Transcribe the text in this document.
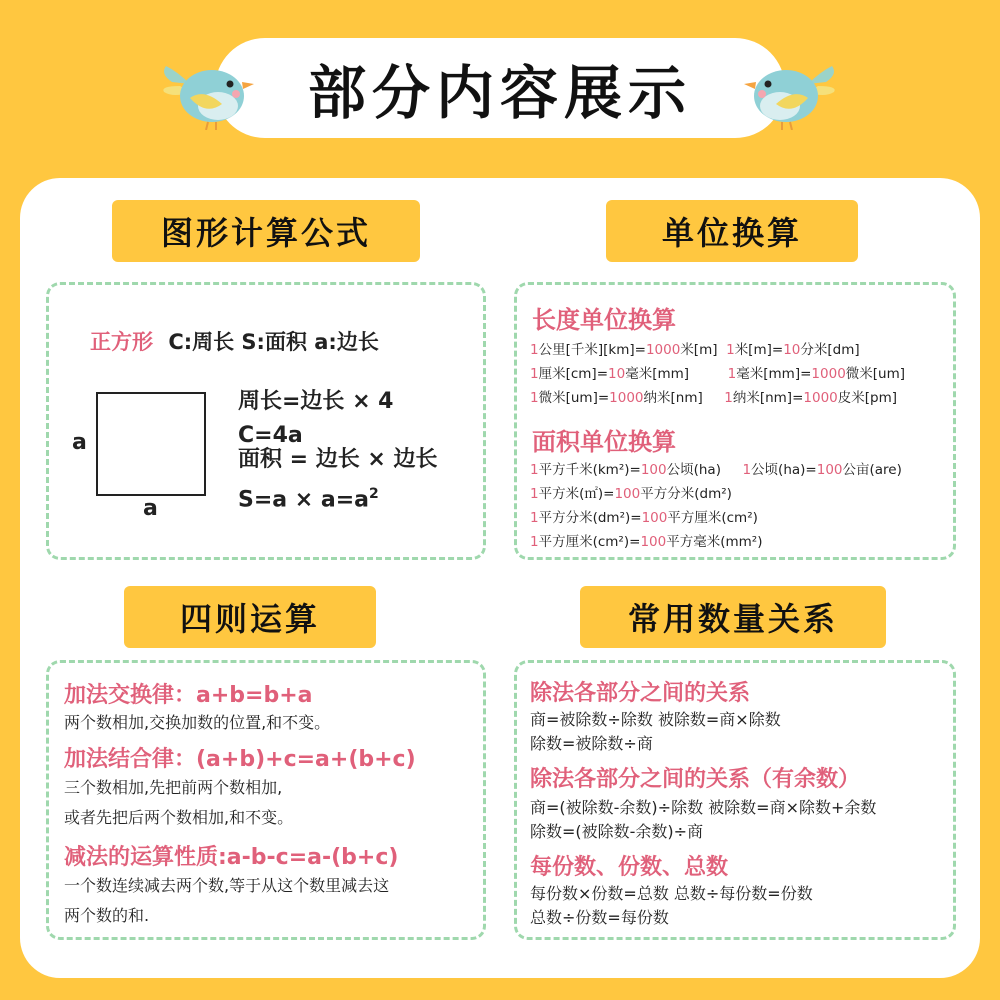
部分内容展示
图形计算公式	单位换算
四则运算	常用数量关系
正方形 C:周长 S:面积 a:边长
a
a
周长=边长 × 4
C=4a
面积 = 边长 × 边长
$S=a \times a=a^2$
长度单位换算
1公里[千米][km]=1000米[m] 1米[m]=10分米[dm]
1厘米[cm]=10毫米[mm]	1毫米[mm]=1000微米[um]
1微米[um]=1000纳米[nm] 1纳米[nm]=1000皮米[pm]
面积单位换算
1平方千米(km²)=100公顷(ha) 1公顷(ha)=100公亩(are)
1平方米(㎡)=100平方分米(dm²)
1平方分米(dm²)=100平方厘米(cm²)
1平方厘米(cm²)=100平方毫米(mm²)
加法交换律：a+b=b+a
两个数相加,交换加数的位置,和不变。
加法结合律：(a+b)+c=a+(b+c)
三个数相加,先把前两个数相加,
或者先把后两个数相加,和不变。
减法的运算性质:a-b-c=a-(b+c)
一个数连续减去两个数,等于从这个数里减去这
两个数的和.
除法各部分之间的关系
商=被除数÷除数 被除数=商×除数
除数=被除数÷商
除法各部分之间的关系（有余数）
商=(被除数-余数)÷除数 被除数=商×除数+余数
除数=(被除数-余数)÷商
每份数、份数、总数
每份数×份数=总数 总数÷每份数=份数
总数÷份数=每份数
